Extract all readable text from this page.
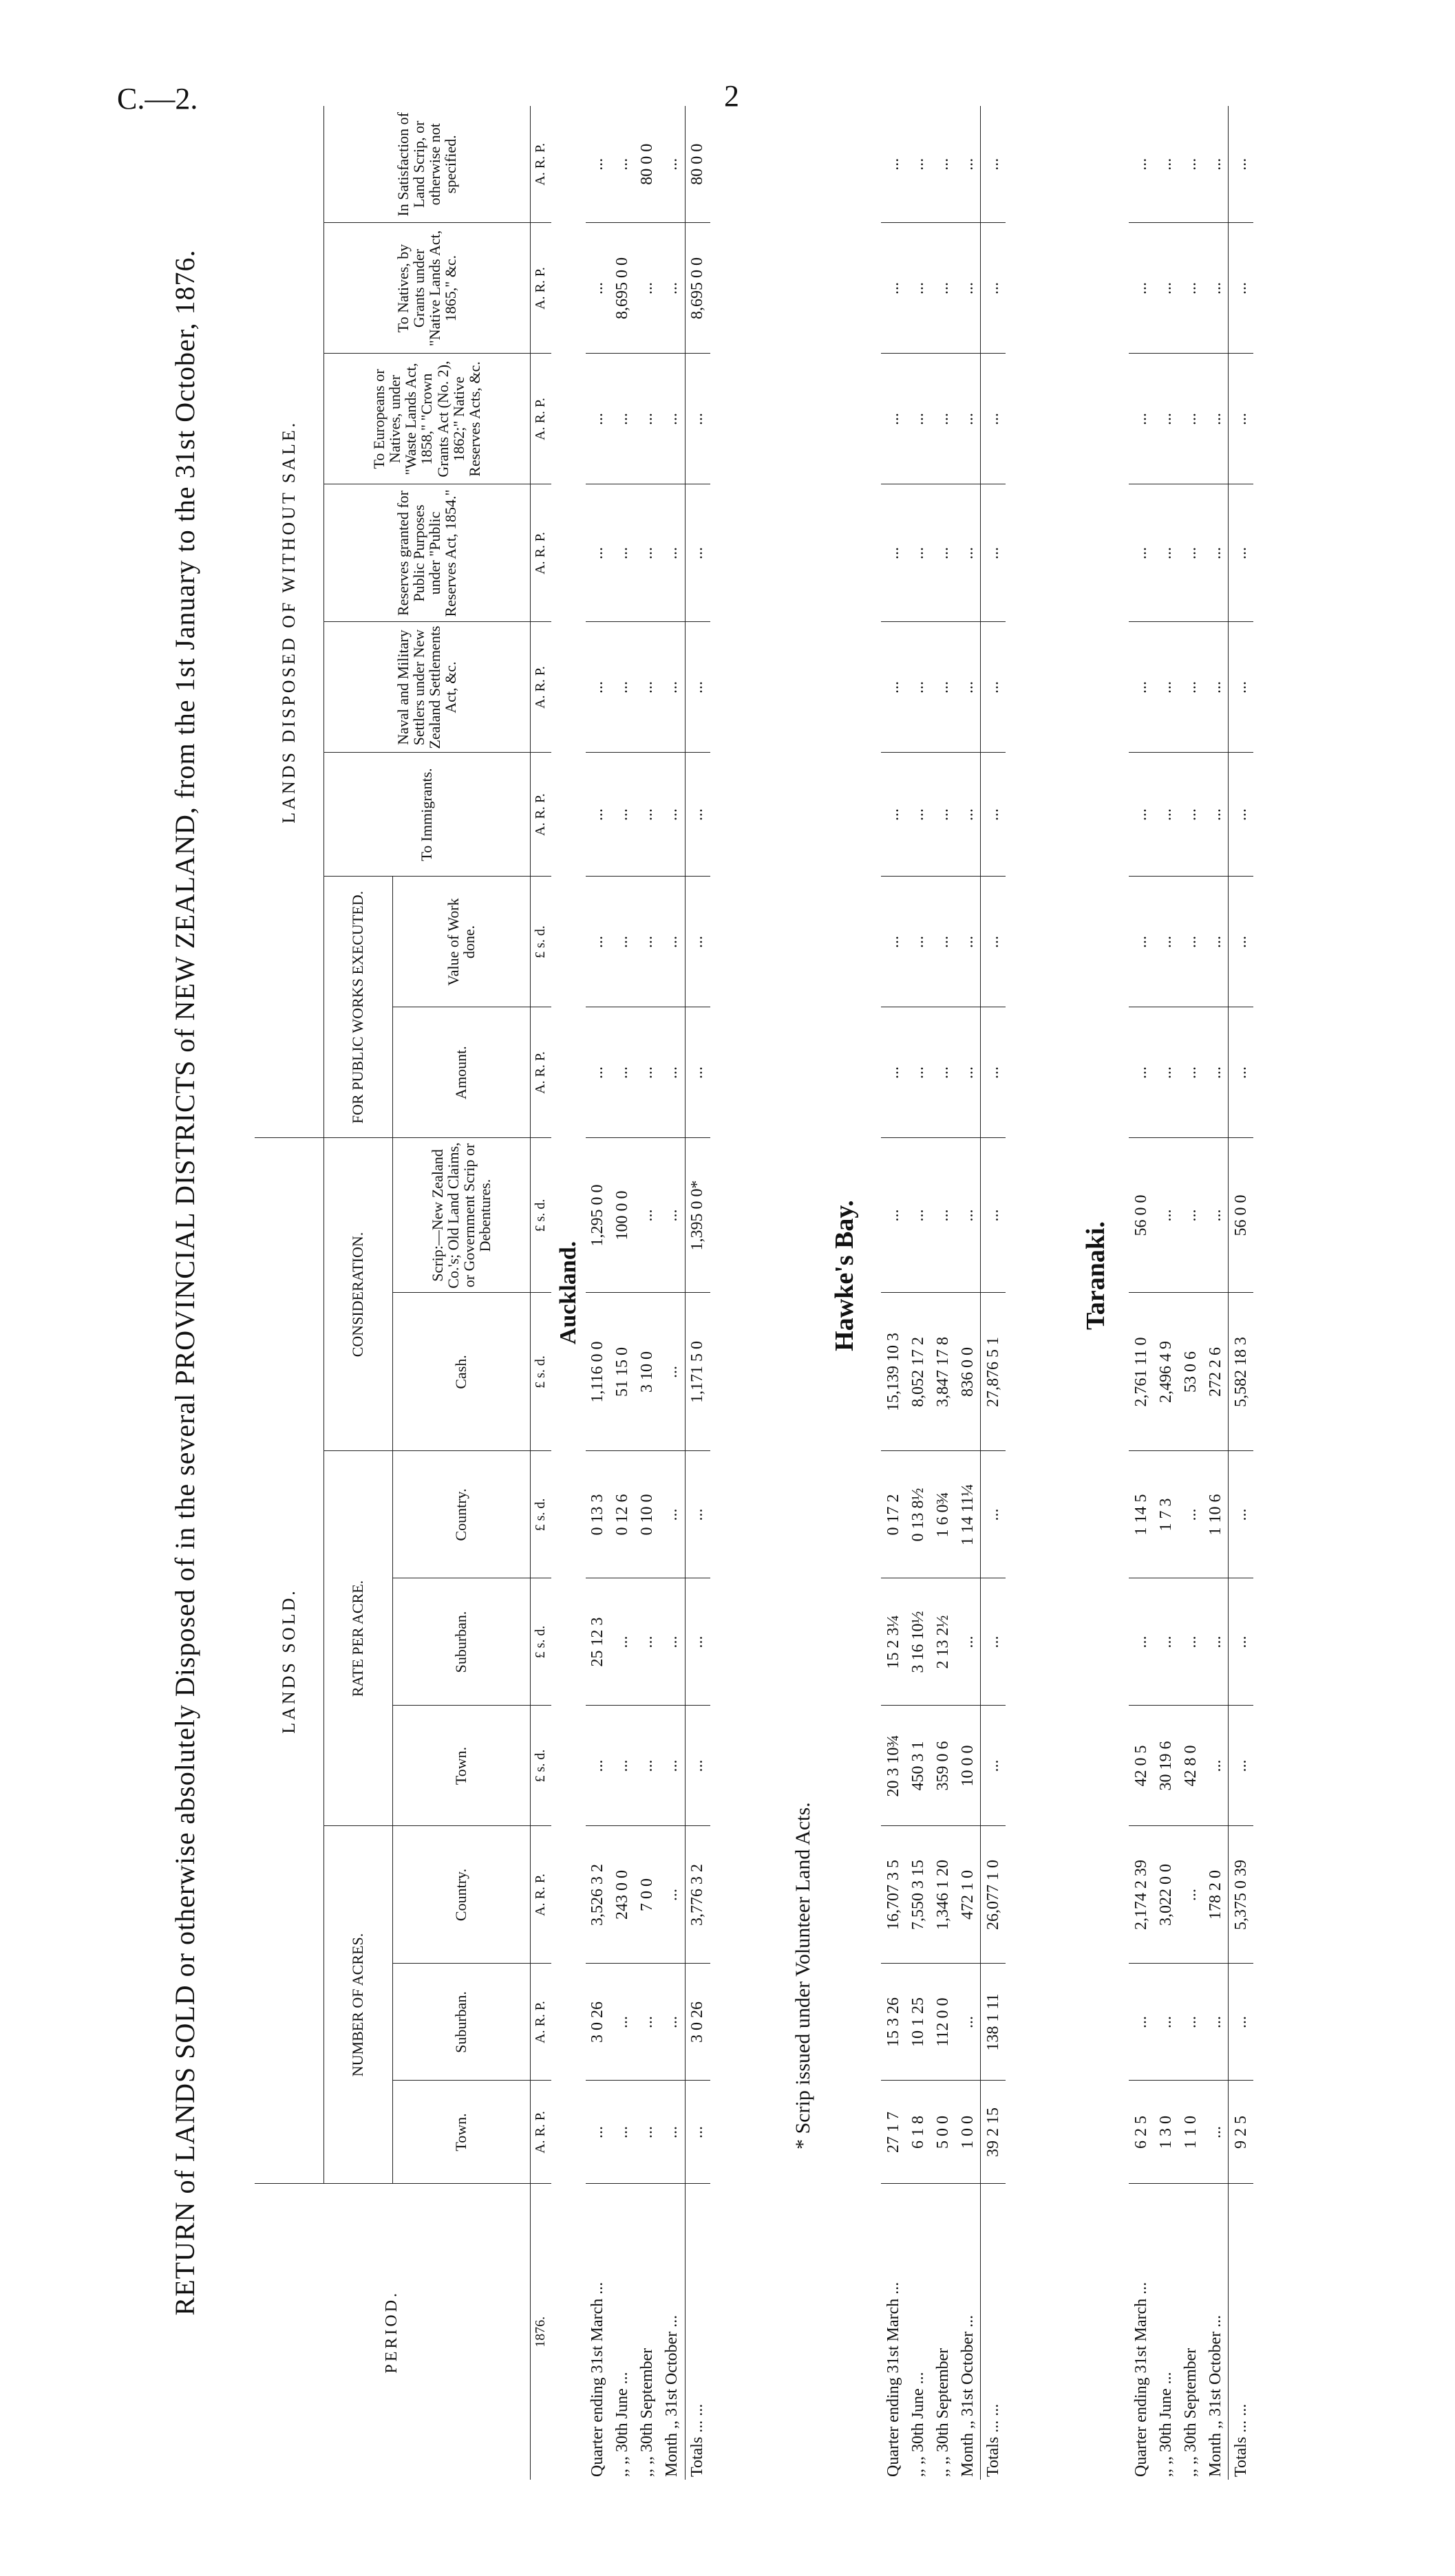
C.—2.	2
RETURN of LANDS SOLD or otherwise absolutely Disposed of in the several PROVINCIAL DISTRICTS of NEW ZEALAND, from the 1st January to the 31st October, 1876.
PERIOD.	LANDS SOLD.								LANDS DISPOSED OF WITHOUT SALE.							
	NUMBER OF ACRES.			RATE PER ACRE.			CONSIDERATION.		FOR PUBLIC WORKS EXECUTED.		To Immigrants.	Naval and Military Settlers under New Zealand Settlements Act, &c.	Reserves granted for Public Purposes under "Public Reserves Act, 1854."	To Europeans or Natives, under "Waste Lands Act, 1858," "Crown Grants Act (No. 2), 1862;" Native Reserves Acts, &c.	To Natives, by Grants under "Native Lands Act, 1865," &c.	In Satisfaction of Land Scrip, or otherwise not specified.
	Town.	Suburban.	Country.	Town.	Suburban.	Country.	Cash.	Scrip:—New Zealand Co.'s; Old Land Claims, or Government Scrip or Debentures.	Amount.	Value of Work done.						
1876.	A. R. P.	A. R. P.	A. R. P.	£ s. d.	£ s. d.	£ s. d.	£ s. d.	£ s. d.	A. R. P.	£ s. d.	A. R. P.	A. R. P.	A. R. P.	A. R. P.	A. R. P.	A. R. P.
Auckland.																
Quarter ending 31st March ...	...	3 0 26	3,526 3 2	...	25 12 3	0 13 3	1,116 0 0	1,295 0 0	...	...	...	...	...	...	...	...
,, ,, 30th June ...	...	...	243 0 0	...	...	0 12 6	51 15 0	100 0 0	...	...	...	...	...	...	8,695 0 0	...
,, ,, 30th September	...	...	7 0 0	...	...	0 10 0	3 10 0	...	...	...	...	...	...	...	...	80 0 0
Month ,, 31st October ...	...	...	...	...	...	...	...	...	...	...	...	...	...	...	...	...
Totals ... ...	...	3 0 26	3,776 3 2	...	...	...	1,171 5 0	1,395 0 0*	...	...	...	...	...	...	8,695 0 0	80 0 0
* Scrip issued under Volunteer Land Acts.
Hawke's Bay.
Quarter ending 31st March ...	27 1 7	15 3 26	16,707 3 5	20 3 10¾	15 2 3¼	0 17 2	15,139 10 3	...	...	...	...	...	...	...	...	...
,, ,, 30th June ...	6 1 8	10 1 25	7,550 3 15	450 3 1	3 16 10½	0 13 8½	8,052 17 2	...	...	...	...	...	...	...	...	...
,, ,, 30th September	5 0 0	112 0 0	1,346 1 20	359 0 6	2 13 2½	1 6 0¾	3,847 17 8	...	...	...	...	...	...	...	...	...
Month ,, 31st October ...	1 0 0	...	472 1 0	10 0 0	...	1 14 11¼	836 0 0	...	...	...	...	...	...	...	...	...
Totals ... ...	39 2 15	138 1 11	26,077 1 0	...	...	...	27,876 5 1	...	...	...	...	...	...	...	...	...
Taranaki.
Quarter ending 31st March ...	6 2 5	...	2,174 2 39	42 0 5	...	1 14 5	2,761 11 0	56 0 0	...	...	...	...	...	...	...	...
,, ,, 30th June ...	1 3 0	...	3,022 0 0	30 19 6	...	1 7 3	2,496 4 9	...	...	...	...	...	...	...	...	...
,, ,, 30th September	1 1 0	...	...	42 8 0	...	...	53 0 6	...	...	...	...	...	...	...	...	...
Month ,, 31st October ...	...	...	178 2 0	...	...	1 10 6	272 2 6	...	...	...	...	...	...	...	...	...
Totals ... ...	9 2 5	...	5,375 0 39	...	...	...	5,582 18 3	56 0 0	...	...	...	...	...	...	...	...
